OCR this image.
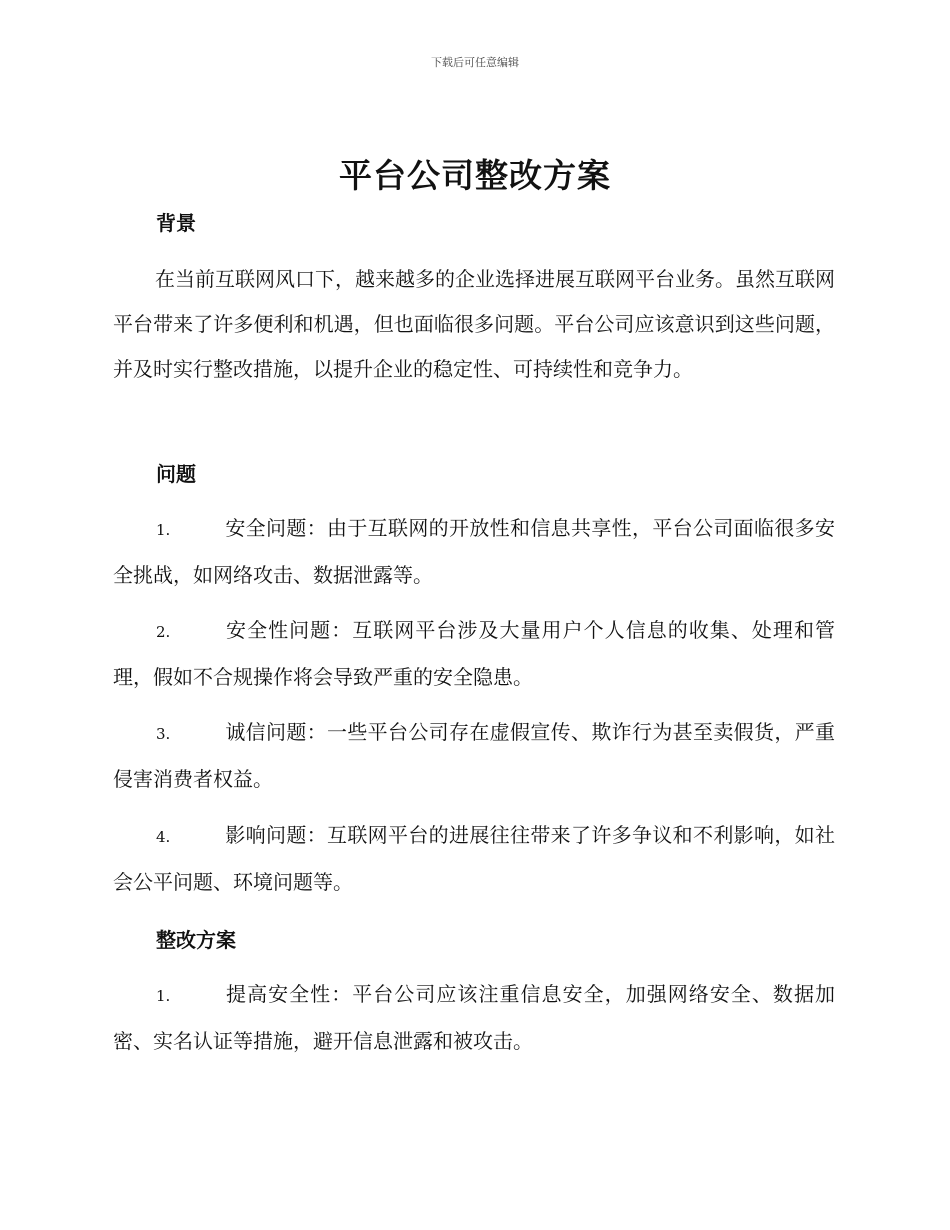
下载后可任意编辑
平台公司整改方案
背景

在当前互联网风口下，越来越多的企业选择进展互联网平台业务。虽然互联网平台带来了许多便利和机遇，但也面临很多问题。平台公司应该意识到这些问题，并及时实行整改措施，以提升企业的稳定性、可持续性和竞争力。

问题

1.	安全问题：由于互联网的开放性和信息共享性，平台公司面临很多安全挑战，如网络攻击、数据泄露等。

2.	安全性问题：互联网平台涉及大量用户个人信息的收集、处理和管理，假如不合规操作将会导致严重的安全隐患。

3.	诚信问题：一些平台公司存在虚假宣传、欺诈行为甚至卖假货，严重侵害消费者权益。

4.	影响问题：互联网平台的进展往往带来了许多争议和不利影响，如社会公平问题、环境问题等。

整改方案

1.	提高安全性：平台公司应该注重信息安全，加强网络安全、数据加密、实名认证等措施，避开信息泄露和被攻击。
